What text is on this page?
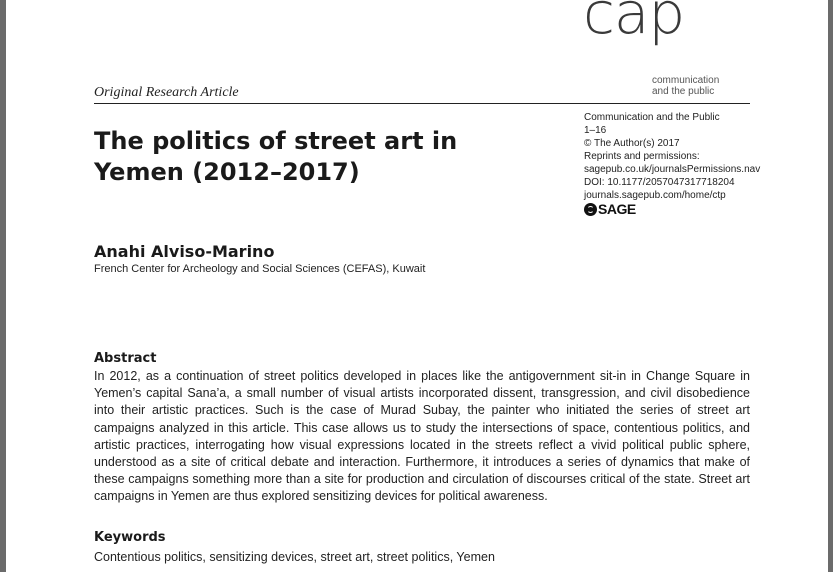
cap
communication
and the public
Original Research Article
Communication and the Public
1–16
© The Author(s) 2017
Reprints and permissions:
sagepub.co.uk/journalsPermissions.nav
DOI: 10.1177/2057047317718204
journals.sagepub.com/home/ctp
SAGE
The politics of street art in Yemen (2012–2017)
Anahi Alviso-Marino
French Center for Archeology and Social Sciences (CEFAS), Kuwait
Abstract
In 2012, as a continuation of street politics developed in places like the antigovernment sit-in in Change Square in Yemen’s capital Sana’a, a small number of visual artists incorporated dissent, transgression, and civil disobedience into their artistic practices. Such is the case of Murad Subay, the painter who initiated the series of street art campaigns analyzed in this article. This case allows us to study the intersections of space, contentious politics, and artistic practices, interrogating how visual expressions located in the streets reflect a vivid political public sphere, understood as a site of critical debate and interaction. Furthermore, it introduces a series of dynamics that make of these campaigns something more than a site for production and circulation of discourses critical of the state. Street art campaigns in Yemen are thus explored sensitizing devices for political awareness.
Keywords
Contentious politics, sensitizing devices, street art, street politics, Yemen
